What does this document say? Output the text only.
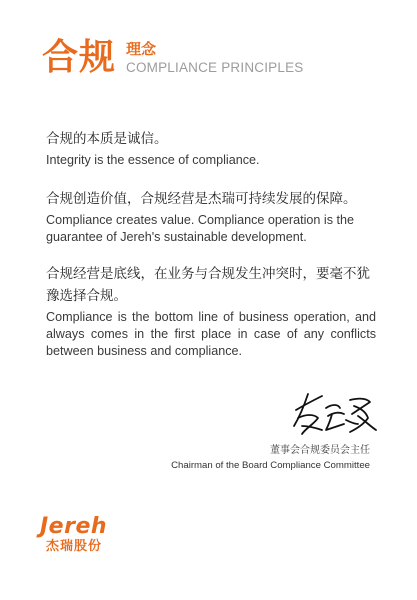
合规 理念
COMPLIANCE PRINCIPLES

合规的本质是诚信。

Integrity is the essence of compliance.

合规创造价值，合规经营是杰瑞可持续发展的保障。

Compliance creates value. Compliance operation is the guarantee of Jereh's sustainable development.

合规经营是底线，在业务与合规发生冲突时，要毫不犹豫选择合规。

Compliance is the bottom line of business operation, and always comes in the first place in case of any conflicts between business and compliance.

董事会合规委员会主任
Chairman of the Board Compliance Committee
Jereh
杰瑞股份
